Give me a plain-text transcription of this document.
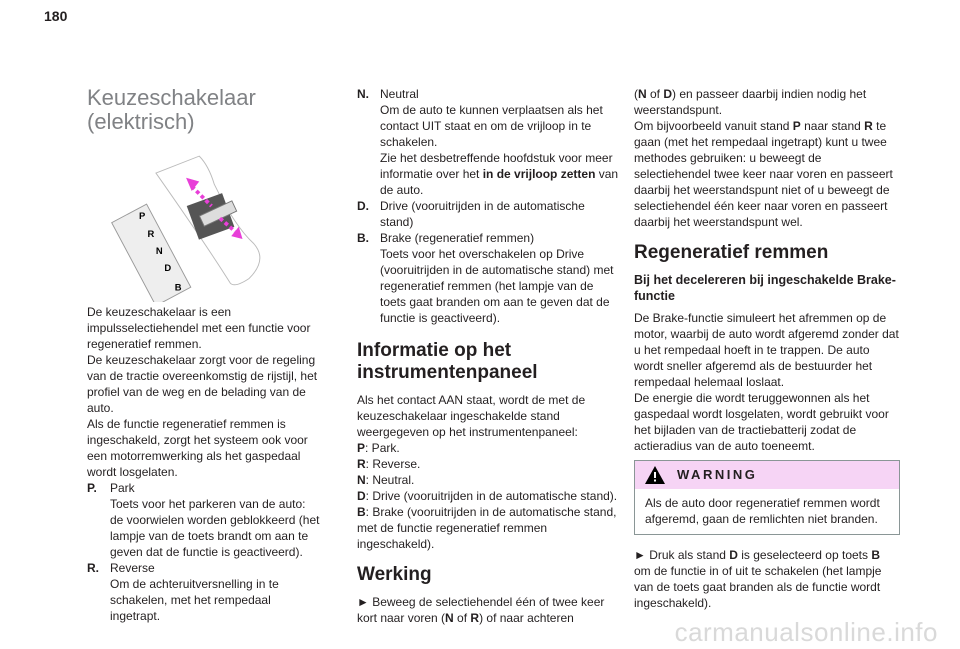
180
Keuzeschakelaar (elektrisch)
P
R
N
D
B

De keuzeschakelaar is een impulsselectiehendel met een functie voor regeneratief remmen.

De keuzeschakelaar zorgt voor de regeling van de tractie overeenkomstig de rijstijl, het profiel van de weg en de belading van de auto.

Als de functie regeneratief remmen is ingeschakeld, zorgt het systeem ook voor een motorremwerking als het gaspedaal wordt losgelaten.

P.	Park
Toets voor het parkeren van de auto: de voorwielen worden geblokkeerd (het lampje van de toets brandt om aan te geven dat de functie is geactiveerd).
R. Reverse
Om de achteruitversnelling in te schakelen, met het rempedaal ingetrapt.
N. Neutral
Om de auto te kunnen verplaatsen als het contact UIT staat en om de vrijloop in te schakelen.
Zie het desbetreffende hoofdstuk voor meer informatie over het in de vrijloop zetten van de auto.
D. Drive (vooruitrijden in de automatische stand)
B. Brake (regeneratief remmen)
Toets voor het overschakelen op Drive (vooruitrijden in de automatische stand) met regeneratief remmen (het lampje van de toets gaat branden om aan te geven dat de functie is geactiveerd).
Informatie op het instrumentenpaneel

Als het contact AAN staat, wordt de met de keuzeschakelaar ingeschakelde stand weergegeven op het instrumentenpaneel:

P: Park.

R: Reverse.

N: Neutral.

D: Drive (vooruitrijden in de automatische stand).

B: Brake (vooruitrijden in de automatische stand, met de functie regeneratief remmen ingeschakeld).

Werking

► Beweeg de selectiehendel één of twee keer kort naar voren (N of R) of naar achteren

(N of D) en passeer daarbij indien nodig het weerstandspunt.

Om bijvoorbeeld vanuit stand P naar stand R te gaan (met het rempedaal ingetrapt) kunt u twee methodes gebruiken: u beweegt de selectiehendel twee keer naar voren en passeert daarbij het weerstandspunt niet of u beweegt de selectiehendel één keer naar voren en passeert daarbij het weerstandspunt wel.

Regeneratief remmen
Bij het decelereren bij ingeschakelde Brake-functie

De Brake-functie simuleert het afremmen op de motor, waarbij de auto wordt afgeremd zonder dat u het rempedaal hoeft in te trappen. De auto wordt sneller afgeremd als de bestuurder het rempedaal helemaal loslaat.

De energie die wordt teruggewonnen als het gaspedaal wordt losgelaten, wordt gebruikt voor het bijladen van de tractiebatterij zodat de actieradius van de auto toeneemt.

WARNING
Als de auto door regeneratief remmen wordt afgeremd, gaan de remlichten niet branden.

► Druk als stand D is geselecteerd op toets B om de functie in of uit te schakelen (het lampje van de toets gaat branden als de functie wordt ingeschakeld).

carmanualsonline.info
